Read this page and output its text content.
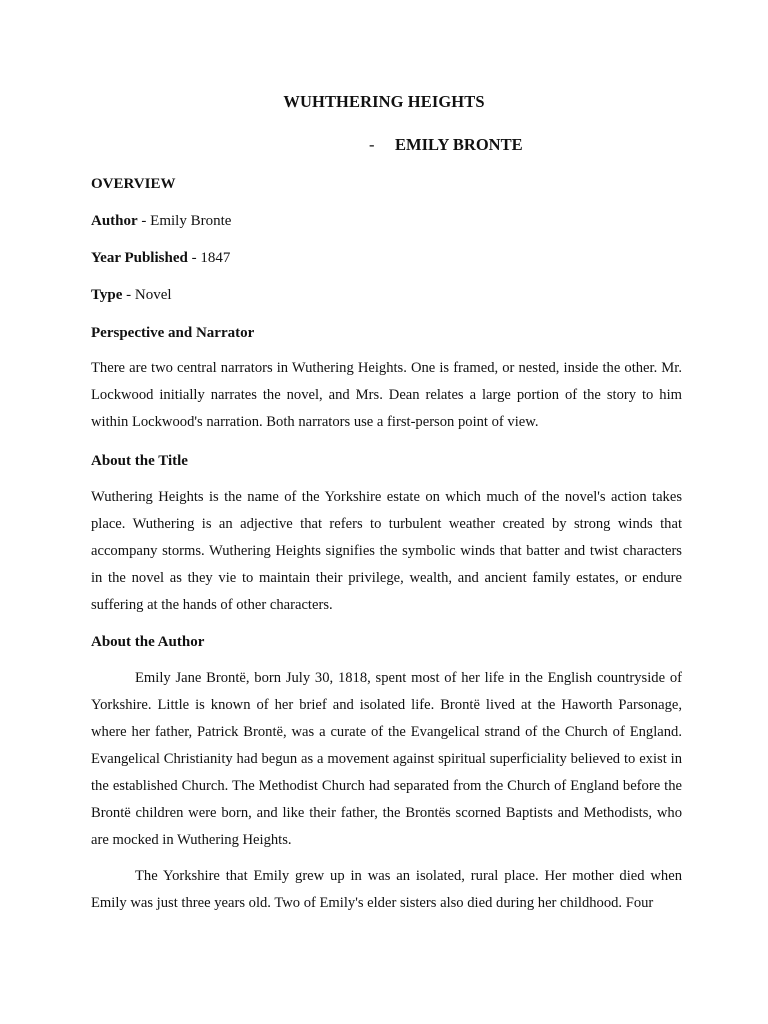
WUHTHERING HEIGHTS

- EMILY BRONTE

OVERVIEW

Author - Emily Bronte

Year Published - 1847

Type - Novel

Perspective and Narrator

There are two central narrators in Wuthering Heights. One is framed, or nested, inside the other. Mr. Lockwood initially narrates the novel, and Mrs. Dean relates a large portion of the story to him within Lockwood's narration. Both narrators use a first-person point of view.

About the Title

Wuthering Heights is the name of the Yorkshire estate on which much of the novel's action takes place. Wuthering is an adjective that refers to turbulent weather created by strong winds that accompany storms. Wuthering Heights signifies the symbolic winds that batter and twist characters in the novel as they vie to maintain their privilege, wealth, and ancient family estates, or endure suffering at the hands of other characters.

About the Author

Emily Jane Brontë, born July 30, 1818, spent most of her life in the English countryside of Yorkshire. Little is known of her brief and isolated life. Brontë lived at the Haworth Parsonage, where her father, Patrick Brontë, was a curate of the Evangelical strand of the Church of England. Evangelical Christianity had begun as a movement against spiritual superficiality believed to exist in the established Church. The Methodist Church had separated from the Church of England before the Brontë children were born, and like their father, the Brontës scorned Baptists and Methodists, who are mocked in Wuthering Heights.

The Yorkshire that Emily grew up in was an isolated, rural place. Her mother died when Emily was just three years old. Two of Emily's elder sisters also died during her childhood. Four
